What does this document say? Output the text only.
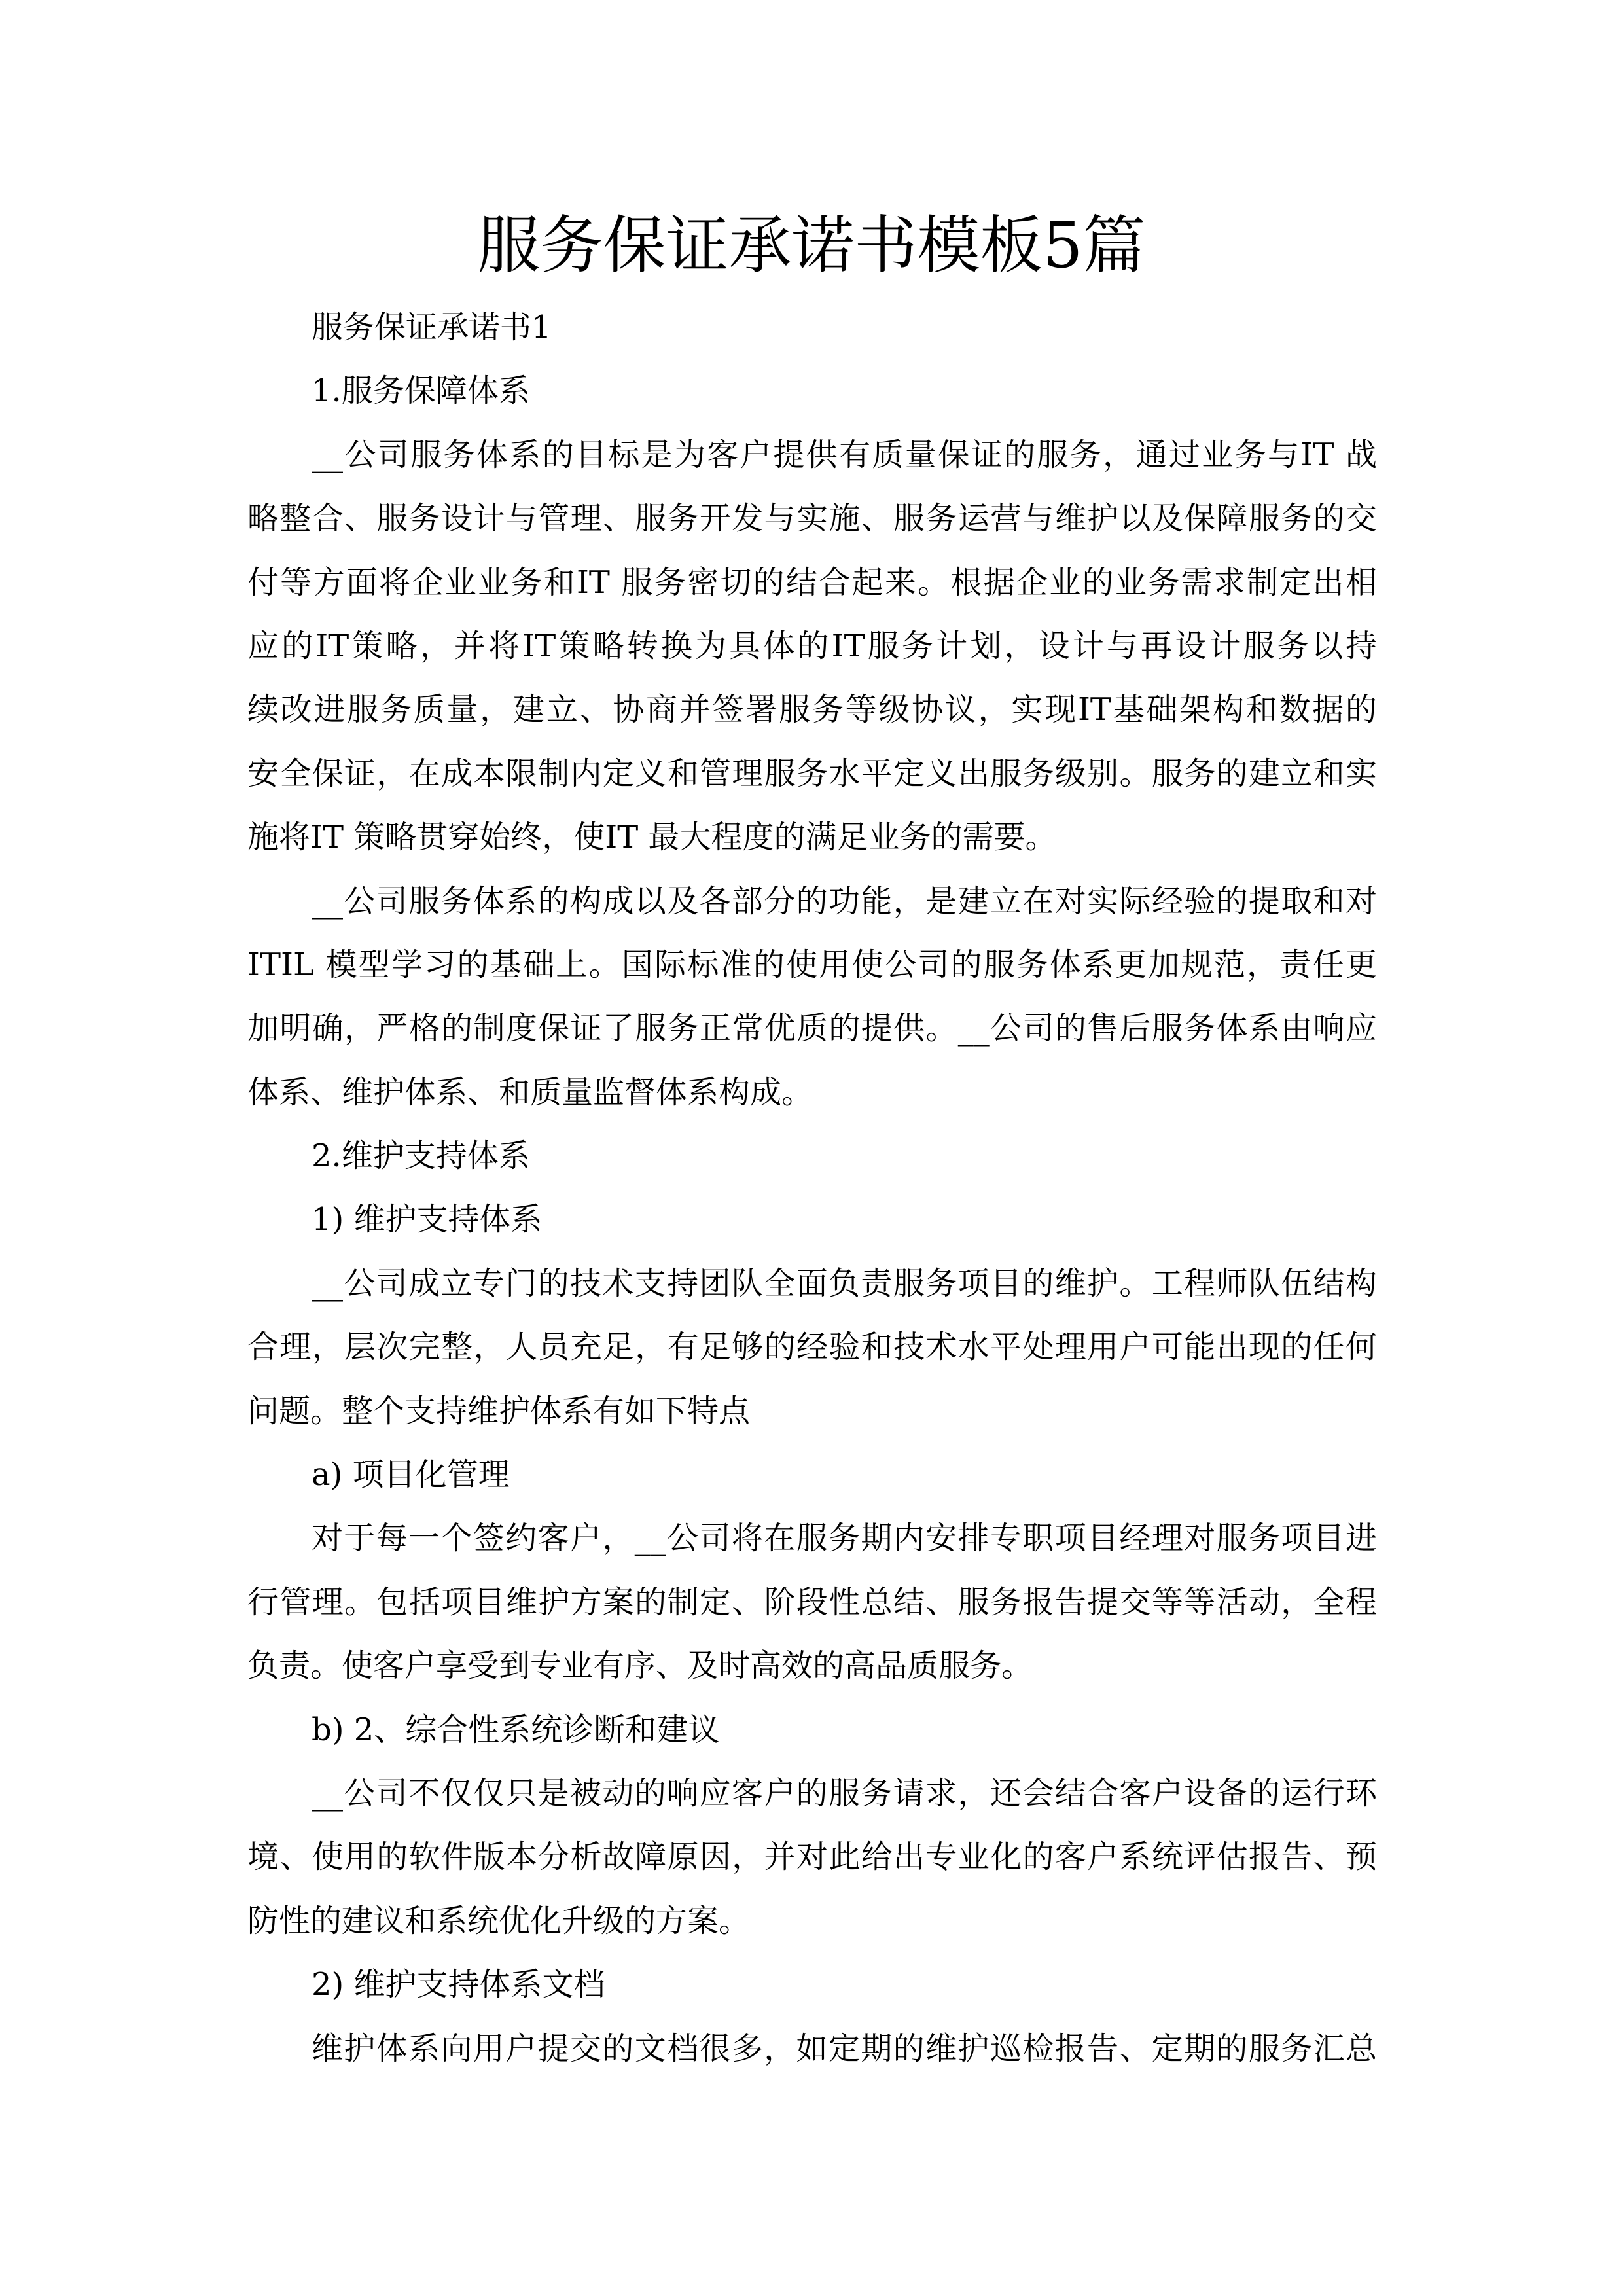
服务保证承诺书模板5篇
服务保证承诺书1
1.服务保障体系
__公司服务体系的目标是为客户提供有质量保证的服务，通过业务与IT 战
略整合、服务设计与管理、服务开发与实施、服务运营与维护以及保障服务的交
付等方面将企业业务和IT 服务密切的结合起来。根据企业的业务需求制定出相
应的IT策略，并将IT策略转换为具体的IT服务计划，设计与再设计服务以持
续改进服务质量，建立、协商并签署服务等级协议，实现IT基础架构和数据的
安全保证，在成本限制内定义和管理服务水平定义出服务级别。服务的建立和实
施将IT 策略贯穿始终，使IT 最大程度的满足业务的需要。
__公司服务体系的构成以及各部分的功能，是建立在对实际经验的提取和对
ITIL 模型学习的基础上。国际标准的使用使公司的服务体系更加规范，责任更
加明确，严格的制度保证了服务正常优质的提供。__公司的售后服务体系由响应
体系、维护体系、和质量监督体系构成。
2.维护支持体系
1) 维护支持体系
__公司成立专门的技术支持团队全面负责服务项目的维护。工程师队伍结构
合理，层次完整，人员充足，有足够的经验和技术水平处理用户可能出现的任何
问题。整个支持维护体系有如下特点
a) 项目化管理
对于每一个签约客户，__公司将在服务期内安排专职项目经理对服务项目进
行管理。包括项目维护方案的制定、阶段性总结、服务报告提交等等活动，全程
负责。使客户享受到专业有序、及时高效的高品质服务。
b) 2、综合性系统诊断和建议
__公司不仅仅只是被动的响应客户的服务请求，还会结合客户设备的运行环
境、使用的软件版本分析故障原因，并对此给出专业化的客户系统评估报告、预
防性的建议和系统优化升级的方案。
2) 维护支持体系文档
维护体系向用户提交的文档很多，如定期的维护巡检报告、定期的服务汇总
